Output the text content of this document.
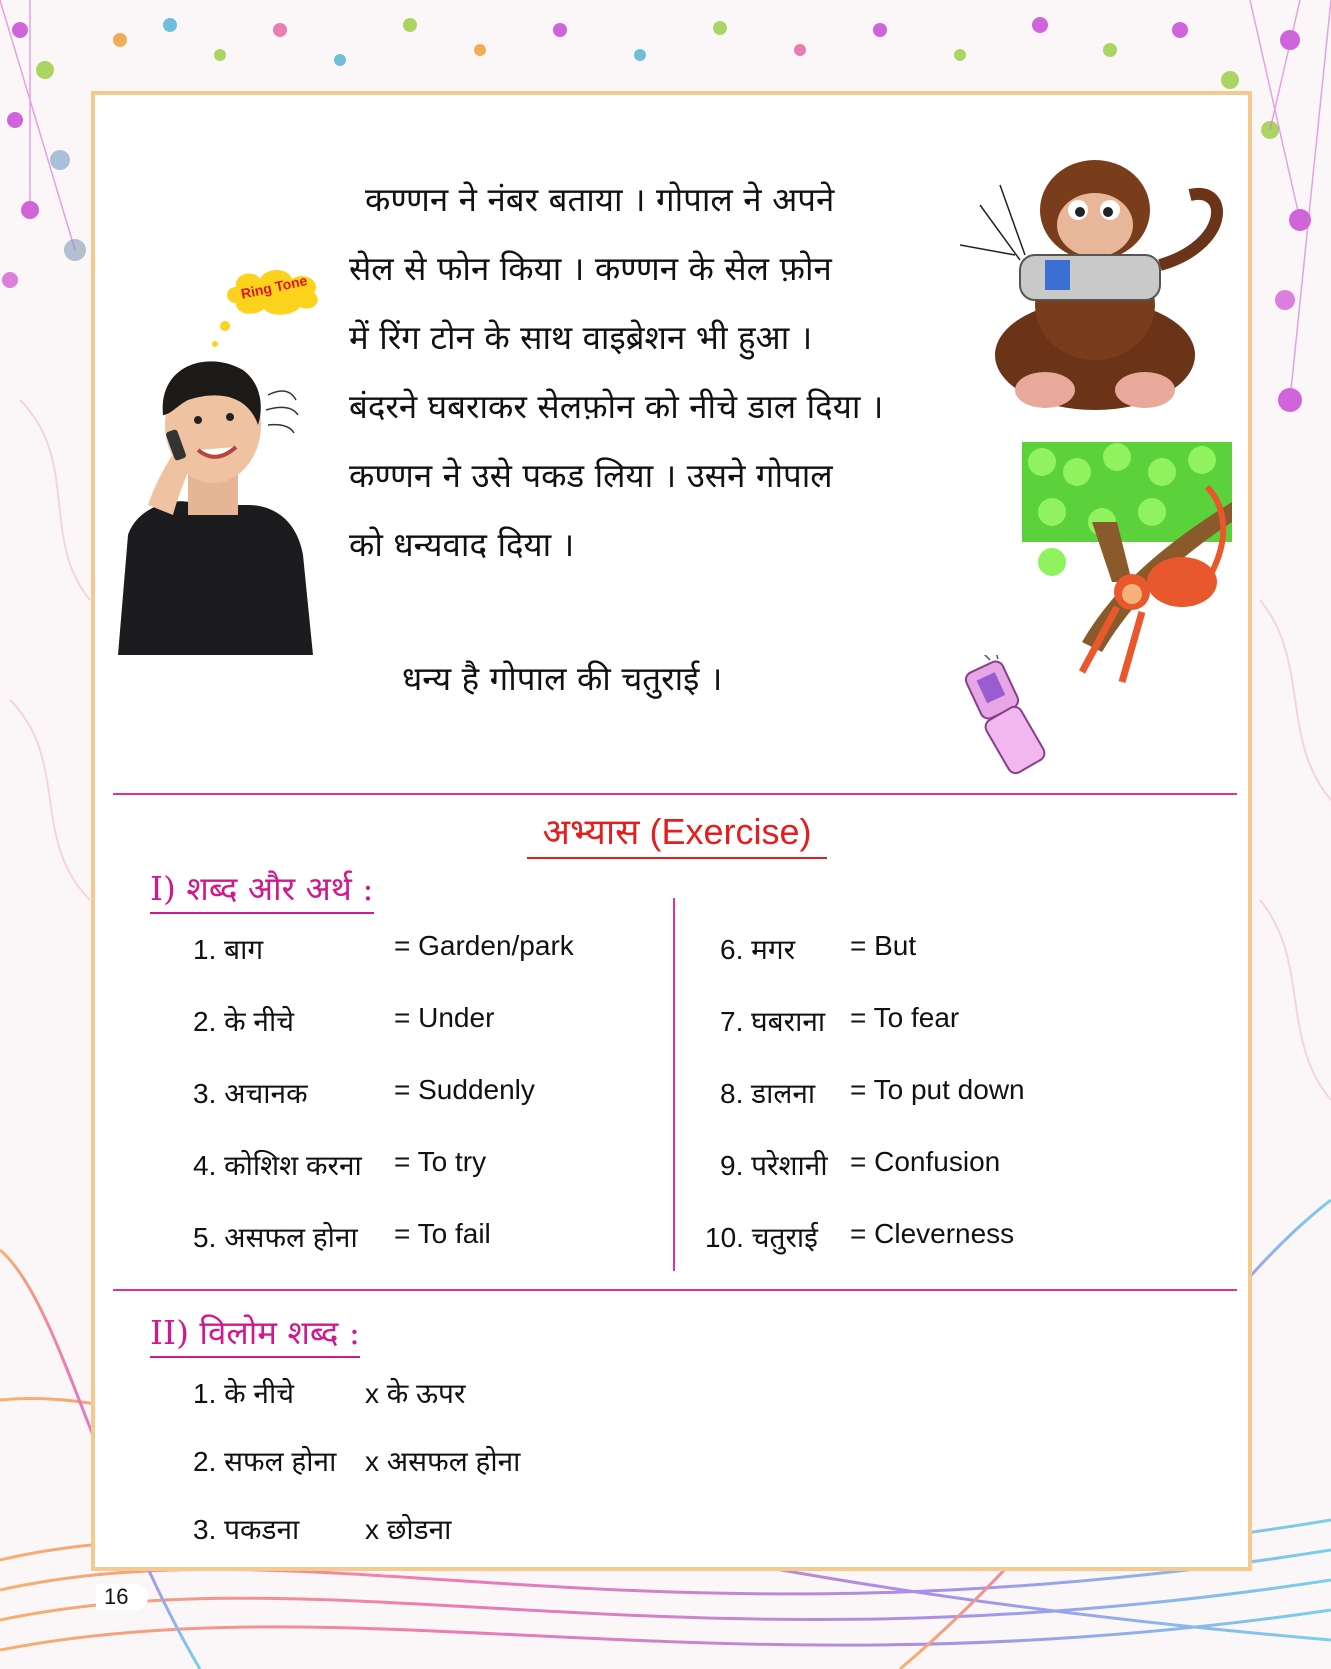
Ring Tone
कण्णन ने नंबर बताया । गोपाल ने अपने
सेल से फोन किया । कण्णन के सेल फ़ोन
में रिंग टोन के साथ वाइब्रेशन भी हुआ ।
बंदरने घबराकर सेलफ़ोन को नीचे डाल दिया ।
कण्णन ने उसे पकड लिया । उसने गोपाल
को धन्यवाद दिया ।
धन्य है गोपाल की चतुराई ।
अभ्यास (Exercise)
I) शब्द और अर्थ :
1. बाग	= Garden/park
2. के नीचे	= Under
3. अचानक	= Suddenly
4. कोशिश करना = To try
5. असफल होना = To fail
6. मगर = But
7. घबराना = To fear
8. डालना = To put down
9. परेशानी = Confusion
10. चतुराई = Cleverness
II) विलोम शब्द :
1. के नीचे	x के ऊपर
2. सफल होना x असफल होना
3. पकडना x छोडना
16
